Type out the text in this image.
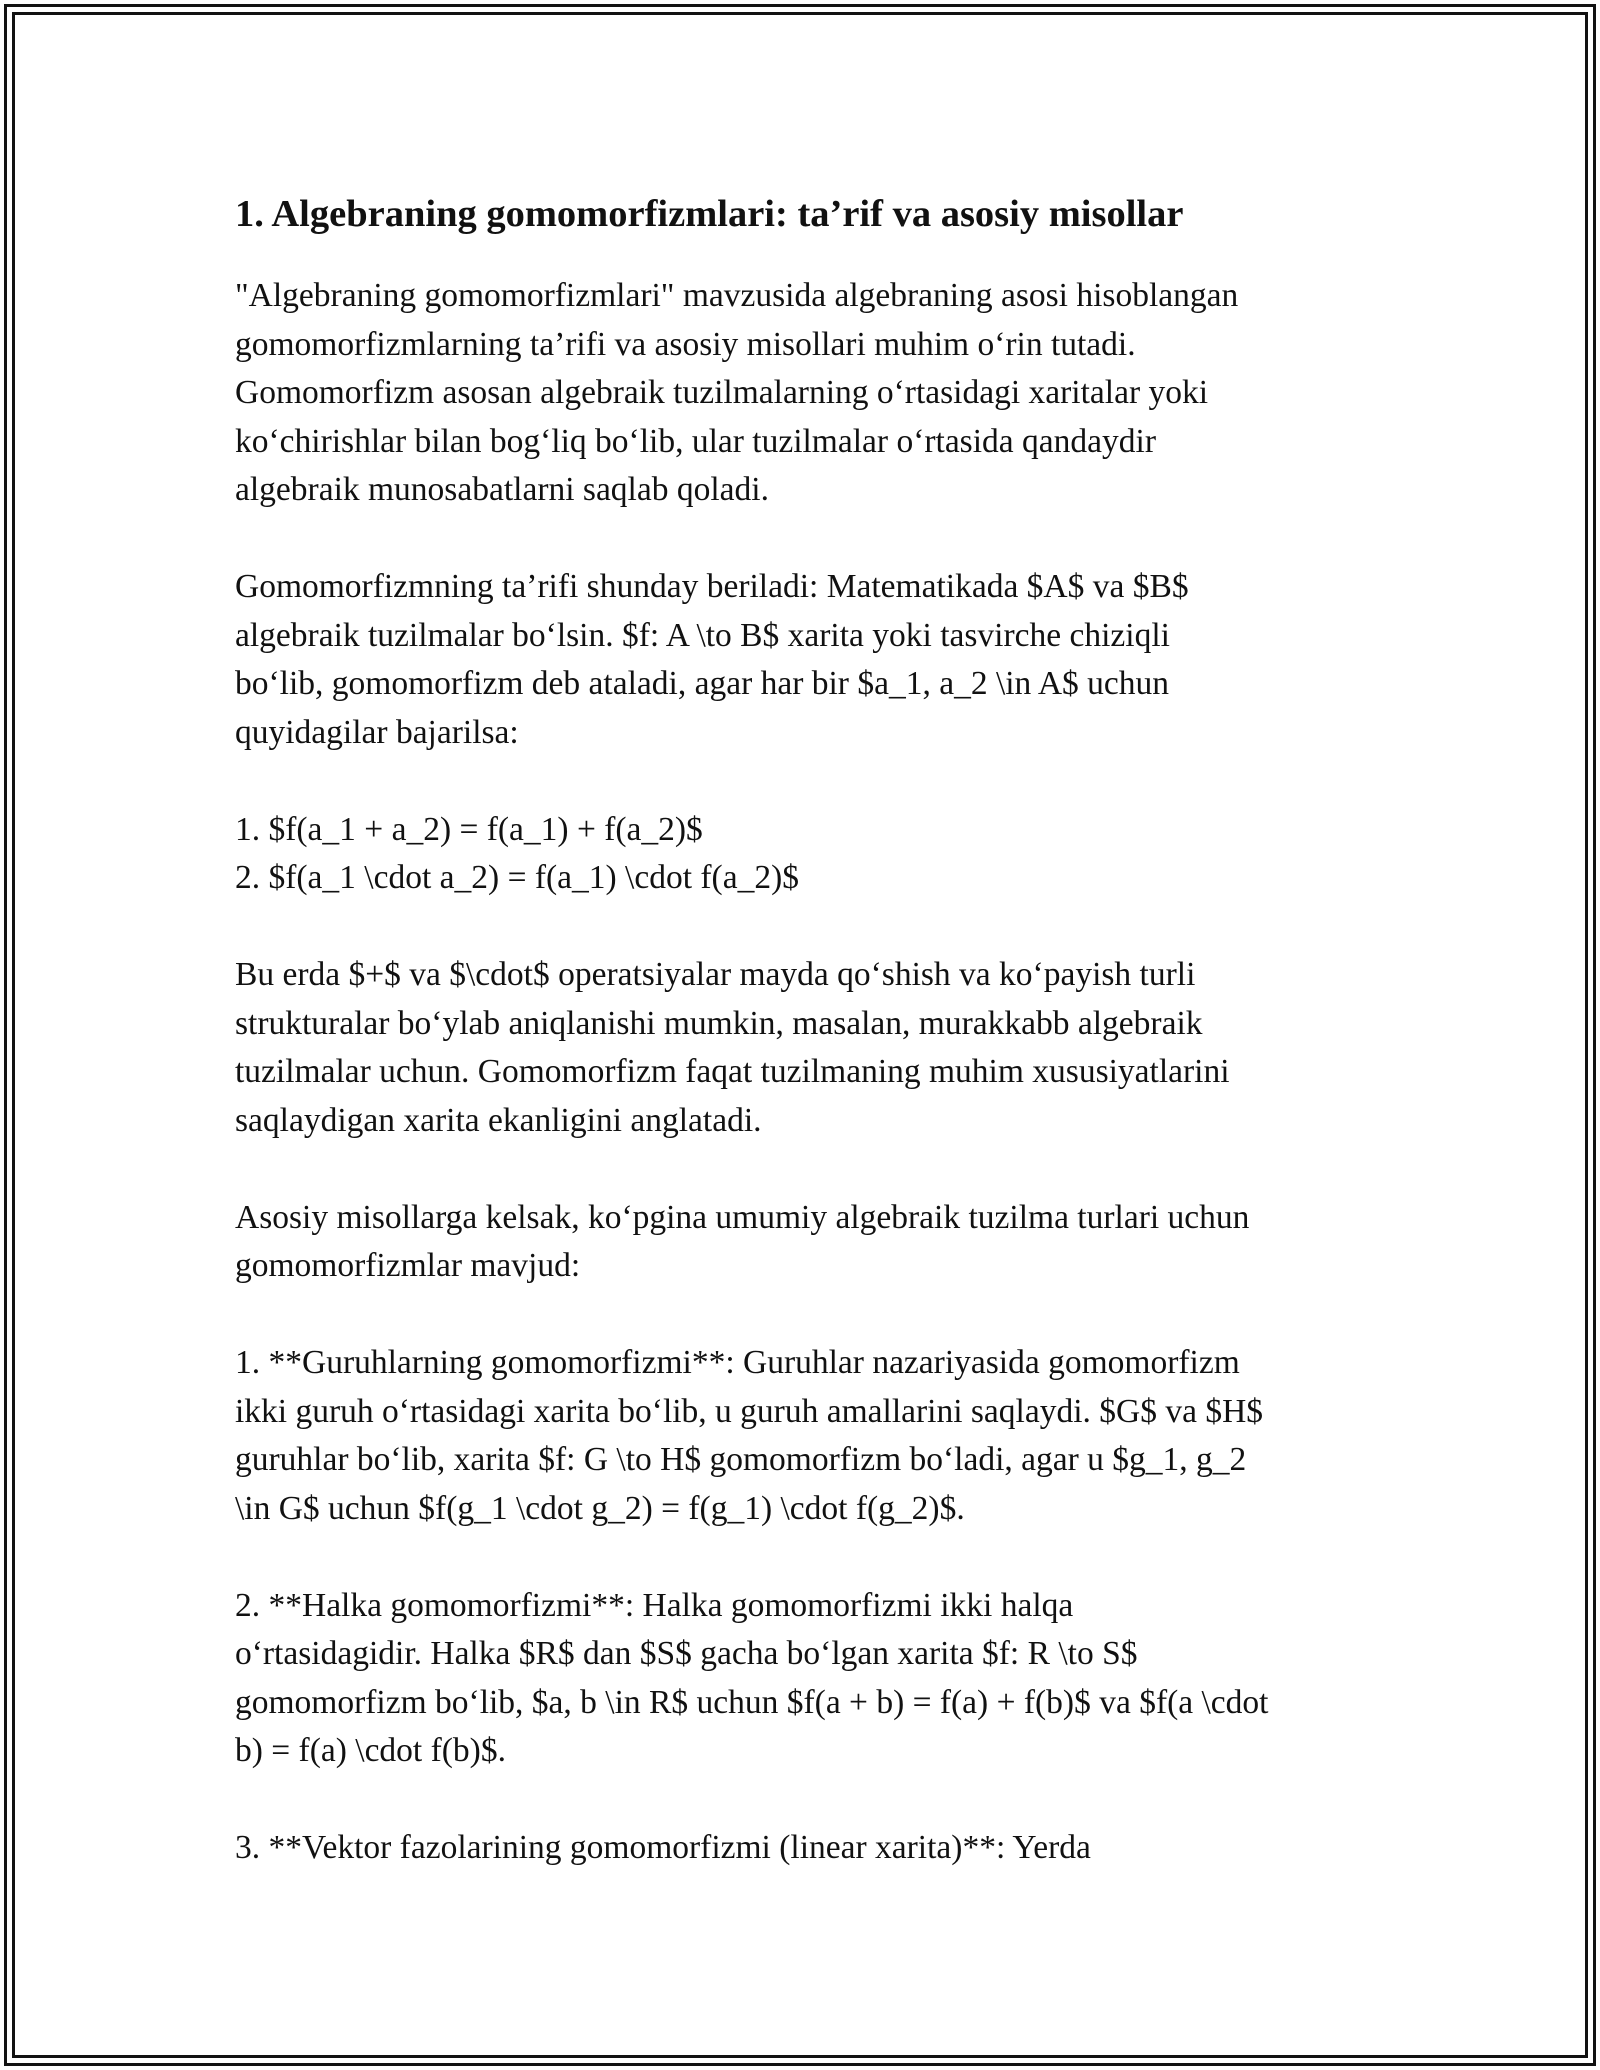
1. Algebraning gomomorfizmlari: ta’rif va asosiy misollar

"Algebraning gomomorfizmlari" mavzusida algebraning asosi hisoblangan
gomomorfizmlarning ta’rifi va asosiy misollari muhim o‘rin tutadi.
Gomomorfizm asosan algebraik tuzilmalarning o‘rtasidagi xaritalar yoki
ko‘chirishlar bilan bog‘liq bo‘lib, ular tuzilmalar o‘rtasida qandaydir
algebraik munosabatlarni saqlab qoladi.

Gomomorfizmning ta’rifi shunday beriladi: Matematikada $A$ va $B$
algebraik tuzilmalar bo‘lsin. $f: A \to B$ xarita yoki tasvirche chiziqli
bo‘lib, gomomorfizm deb ataladi, agar har bir $a_1, a_2 \in A$ uchun
quyidagilar bajarilsa:

1. $f(a_1 + a_2) = f(a_1) + f(a_2)$
2. $f(a_1 \cdot a_2) = f(a_1) \cdot f(a_2)$

Bu erda $+$ va $\cdot$ operatsiyalar mayda qo‘shish va ko‘payish turli
strukturalar bo‘ylab aniqlanishi mumkin, masalan, murakkabb algebraik
tuzilmalar uchun. Gomomorfizm faqat tuzilmaning muhim xususiyatlarini
saqlaydigan xarita ekanligini anglatadi.

Asosiy misollarga kelsak, ko‘pgina umumiy algebraik tuzilma turlari uchun
gomomorfizmlar mavjud:

1. **Guruhlarning gomomorfizmi**: Guruhlar nazariyasida gomomorfizm
ikki guruh o‘rtasidagi xarita bo‘lib, u guruh amallarini saqlaydi. $G$ va $H$
guruhlar bo‘lib, xarita $f: G \to H$ gomomorfizm bo‘ladi, agar u $g_1, g_2
\in G$ uchun $f(g_1 \cdot g_2) = f(g_1) \cdot f(g_2)$.

2. **Halka gomomorfizmi**: Halka gomomorfizmi ikki halqa
o‘rtasidagidir. Halka $R$ dan $S$ gacha bo‘lgan xarita $f: R \to S$
gomomorfizm bo‘lib, $a, b \in R$ uchun $f(a + b) = f(a) + f(b)$ va $f(a \cdot
b) = f(a) \cdot f(b)$.

3. **Vektor fazolarining gomomorfizmi (linear xarita)**: Yerda
